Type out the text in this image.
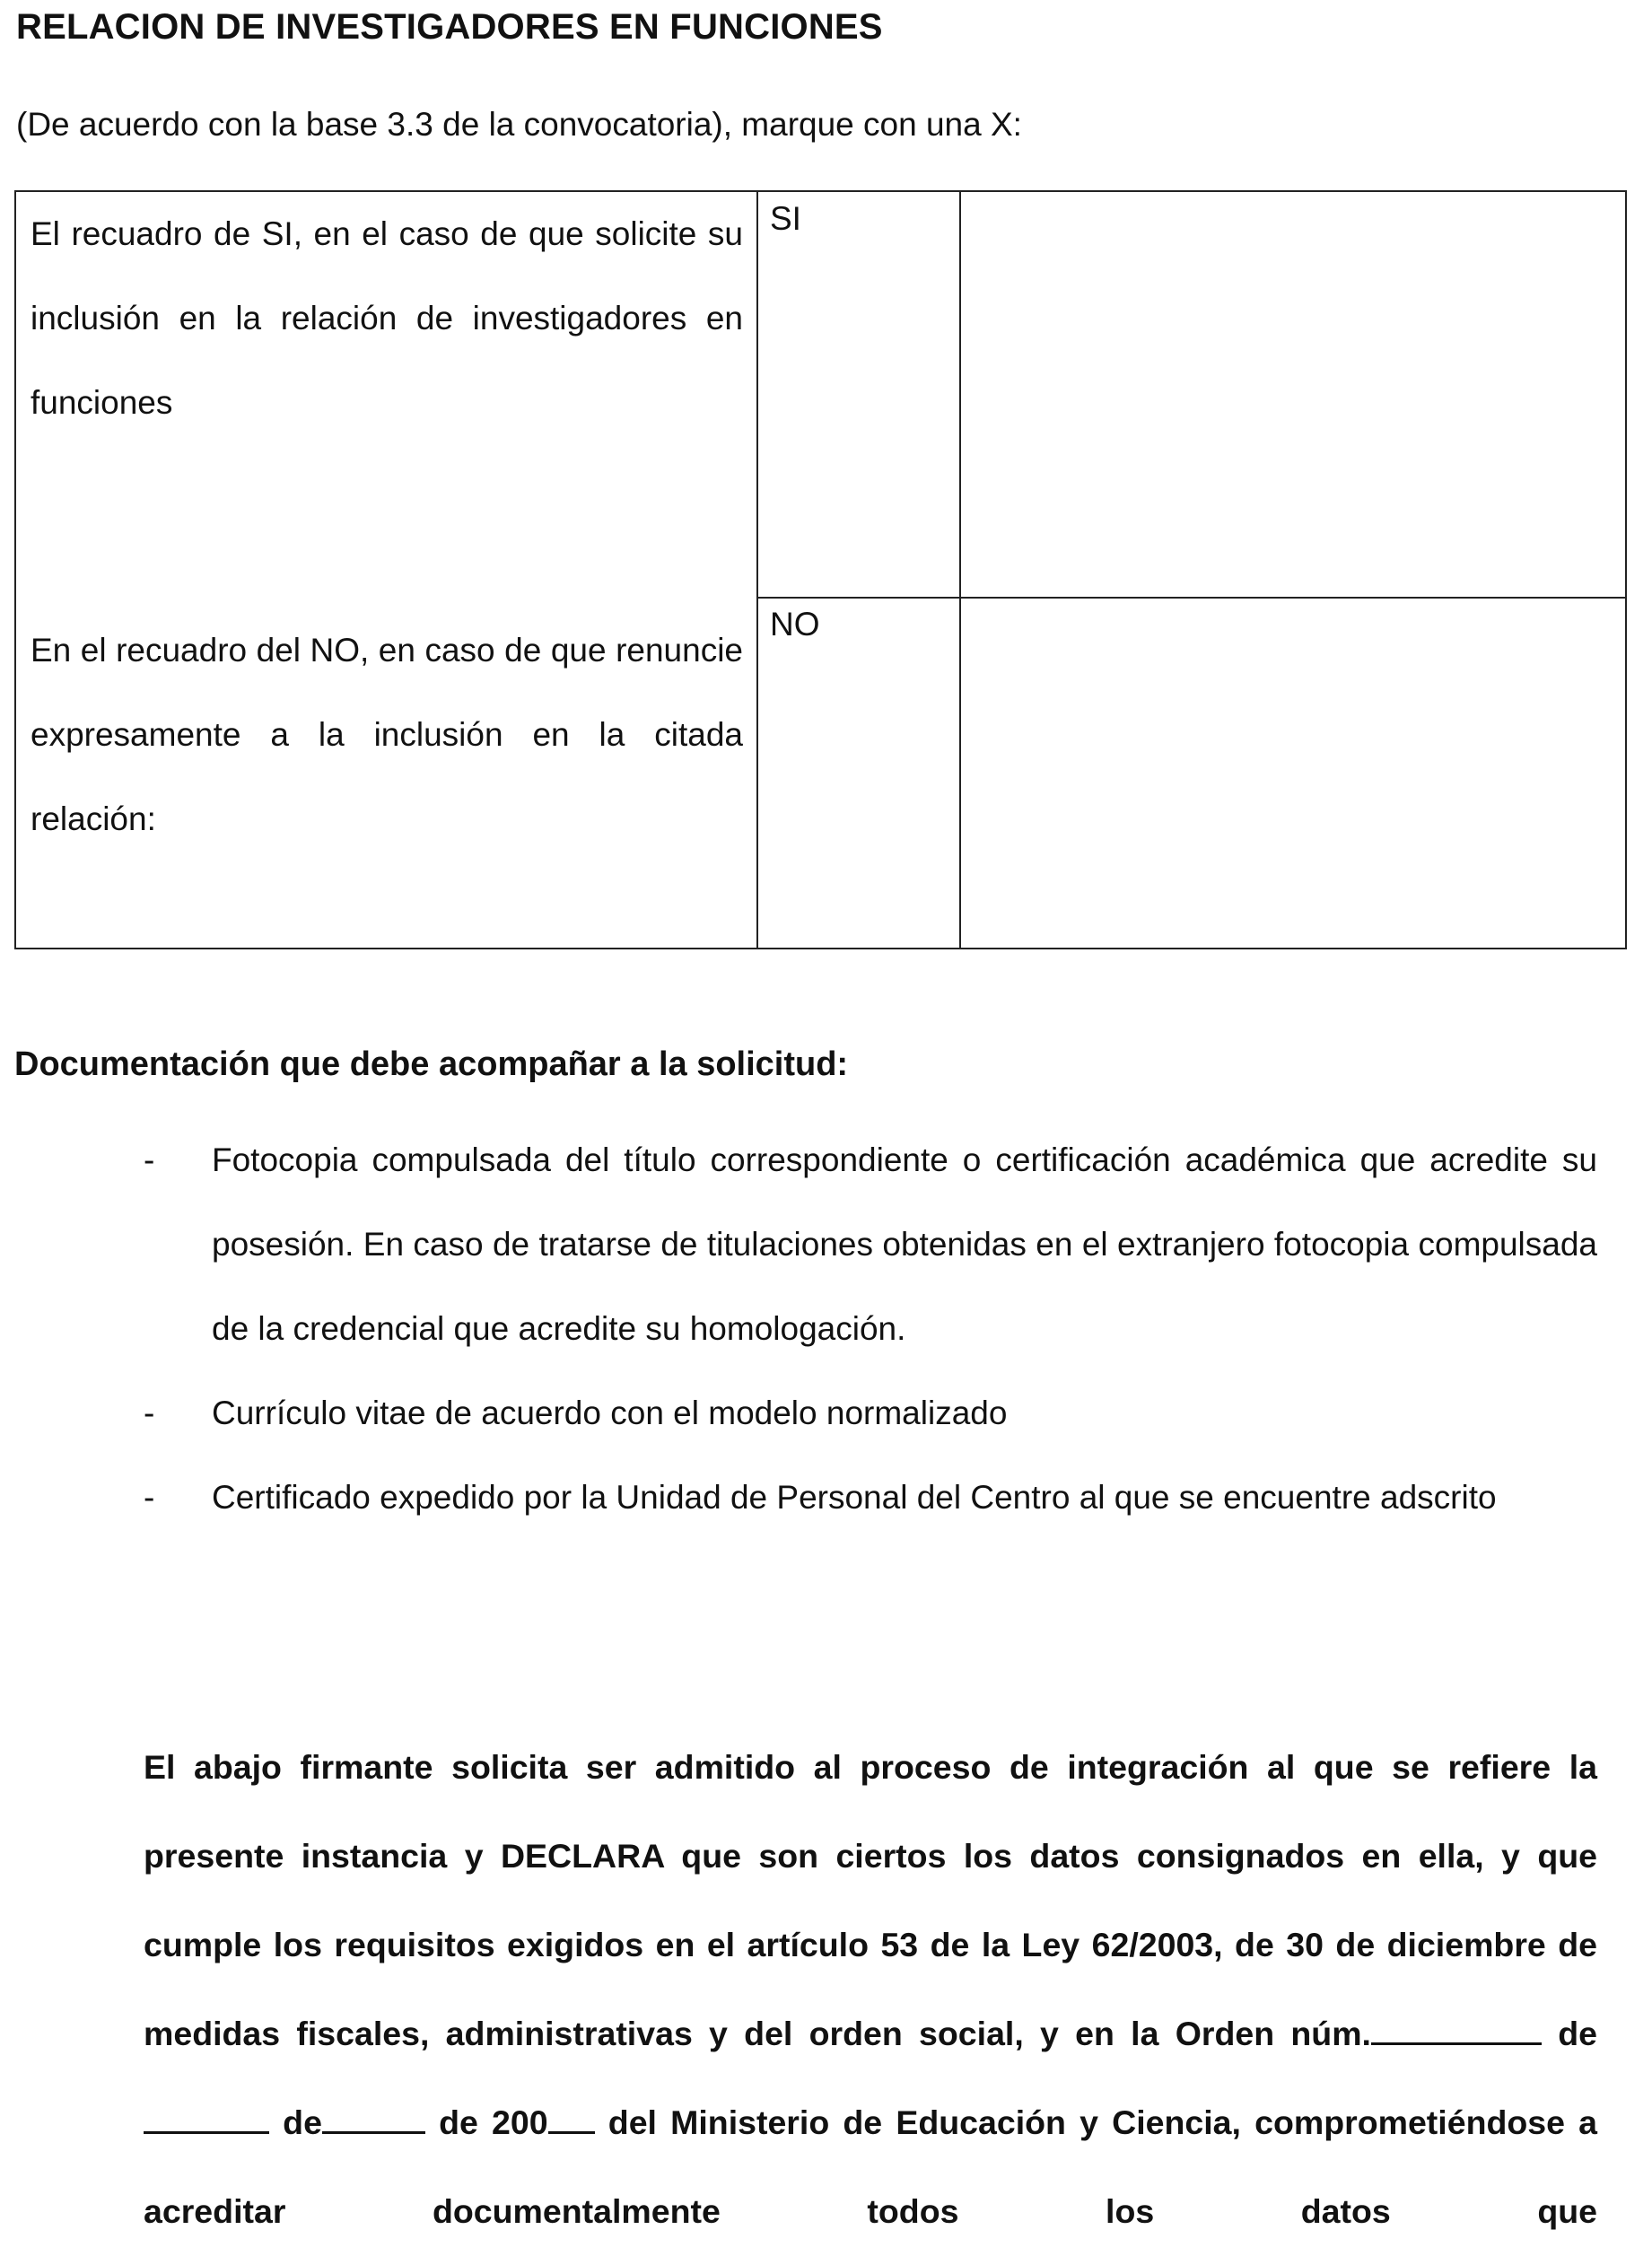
RELACION DE INVESTIGADORES EN FUNCIONES
(De acuerdo con la base 3.3 de la convocatoria), marque con una X:

El recuadro de SI, en el caso de que solicite su inclusión en la relación de investigadores en funciones

SI

En el recuadro del NO, en caso de que renuncie expresamente a la inclusión en la citada relación:

NO
Documentación que debe acompañar a la solicitud:
- Fotocopia compulsada del título correspondiente o certificación académica que acredite su posesión. En caso de tratarse de titulaciones obtenidas en el extranjero fotocopia compulsada de la credencial que acredite su homologación.
- Currículo vitae de acuerdo con el modelo normalizado
- Certificado expedido por la Unidad de Personal del Centro al que se encuentre adscrito

El abajo firmante solicita ser admitido al proceso de integración al que se refiere la presente instancia y DECLARA que son ciertos los datos consignados en ella, y que cumple los requisitos exigidos en el artículo 53 de la Ley 62/2003, de 30 de diciembre de medidas fiscales, administrativas y del orden social, y en la Orden núm.	de  de	de 200 del Ministerio de Educación y Ciencia, comprometiéndose a acreditar documentalmente todos los datos que
